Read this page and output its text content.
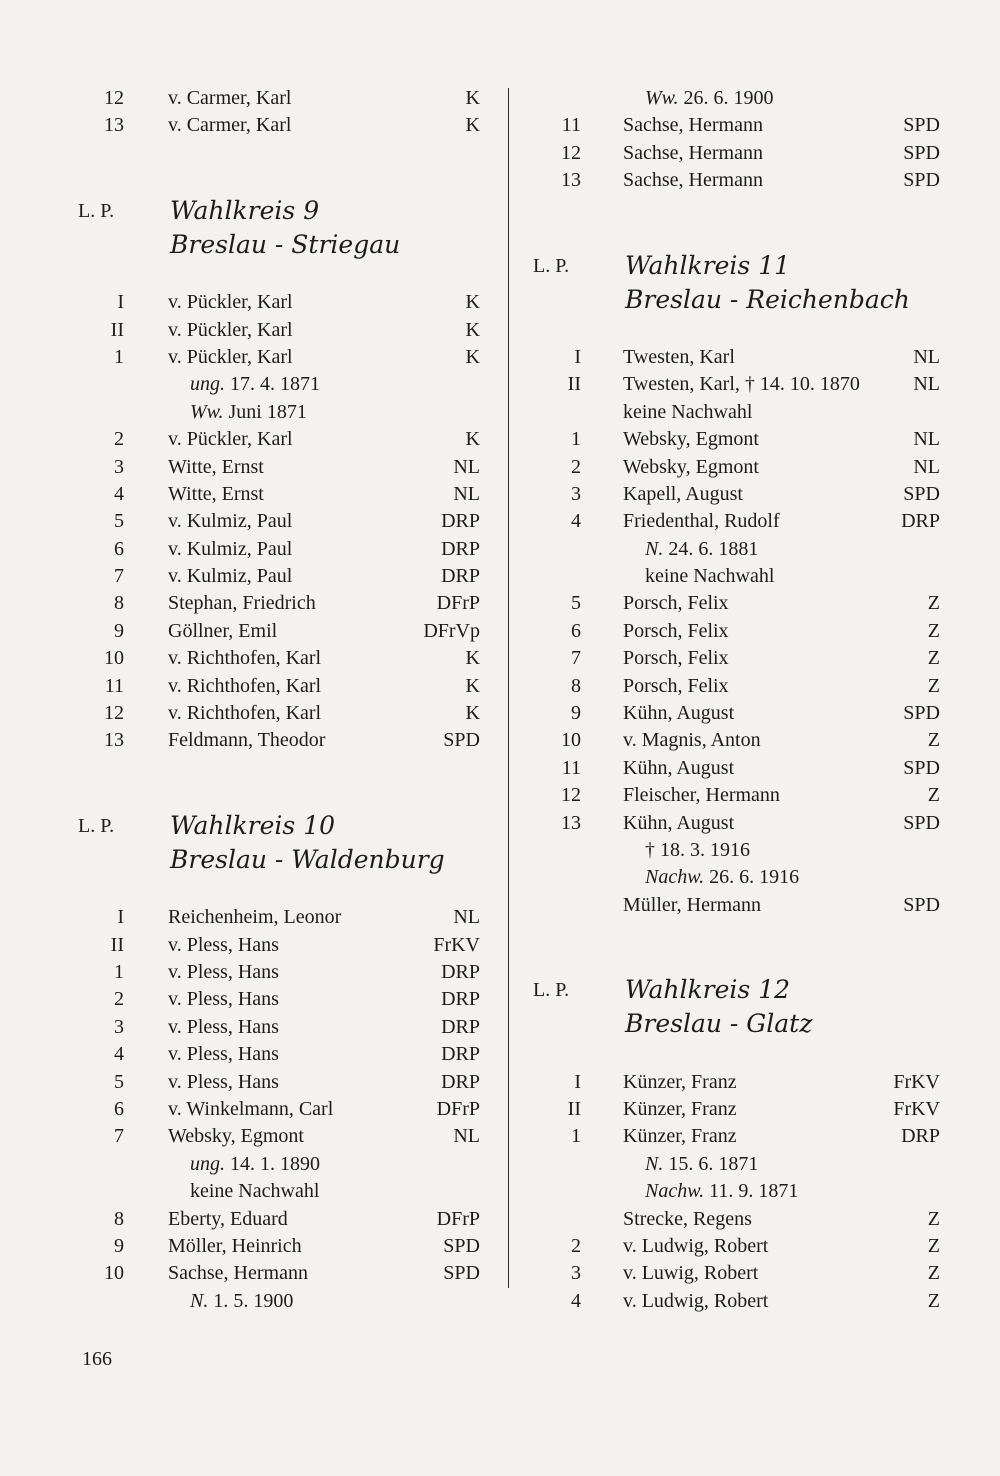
12 v. Carmer, Karl	K
13 v. Carmer, Karl	K
L. P. Wahlkreis 9
Breslau - Striegau
I v. Pückler, Karl	K
II v. Pückler, Karl	K
1 v. Pückler, Karl	K
ung. 17. 4. 1871
Ww. Juni 1871
2 v. Pückler, Karl	K
3 Witte, Ernst	NL
4 Witte, Ernst	NL
5 v. Kulmiz, Paul	DRP
6 v. Kulmiz, Paul	DRP
7 v. Kulmiz, Paul	DRP
8 Stephan, Friedrich	DFrP
9 Göllner, Emil	DFrVp
10 v. Richthofen, Karl	K
11 v. Richthofen, Karl	K
12 v. Richthofen, Karl	K
13 Feldmann, Theodor	SPD
L. P. Wahlkreis 10
Breslau - Waldenburg
I Reichenheim, Leonor	NL
II v. Pless, Hans	FrKV
1 v. Pless, Hans	DRP
2 v. Pless, Hans	DRP
3 v. Pless, Hans	DRP
4 v. Pless, Hans	DRP
5 v. Pless, Hans	DRP
6 v. Winkelmann, Carl	DFrP
7 Websky, Egmont	NL
ung. 14. 1. 1890
keine Nachwahl
8 Eberty, Eduard	DFrP
9 Möller, Heinrich	SPD
10 Sachse, Hermann	SPD
N. 1. 5. 1900
Ww. 26. 6. 1900
11 Sachse, Hermann	SPD
12 Sachse, Hermann	SPD
13 Sachse, Hermann	SPD
L. P. Wahlkreis 11
Breslau - Reichenbach
I Twesten, Karl	NL
II Twesten, Karl, † 14. 10. 1870	NL
keine Nachwahl
1 Websky, Egmont	NL
2 Websky, Egmont	NL
3 Kapell, August	SPD
4 Friedenthal, Rudolf	DRP
N. 24. 6. 1881
keine Nachwahl
5 Porsch, Felix	Z
6 Porsch, Felix	Z
7 Porsch, Felix	Z
8 Porsch, Felix	Z
9 Kühn, August	SPD
10 v. Magnis, Anton	Z
11 Kühn, August	SPD
12 Fleischer, Hermann	Z
13 Kühn, August	SPD
† 18. 3. 1916
Nachw. 26. 6. 1916
Müller, Hermann	SPD
L. P. Wahlkreis 12
Breslau - Glatz
I Künzer, Franz	FrKV
II Künzer, Franz	FrKV
1 Künzer, Franz	DRP
N. 15. 6. 1871
Nachw. 11. 9. 1871
Strecke, Regens	Z
2 v. Ludwig, Robert	Z
3 v. Luwig, Robert	Z
4 v. Ludwig, Robert	Z
166
